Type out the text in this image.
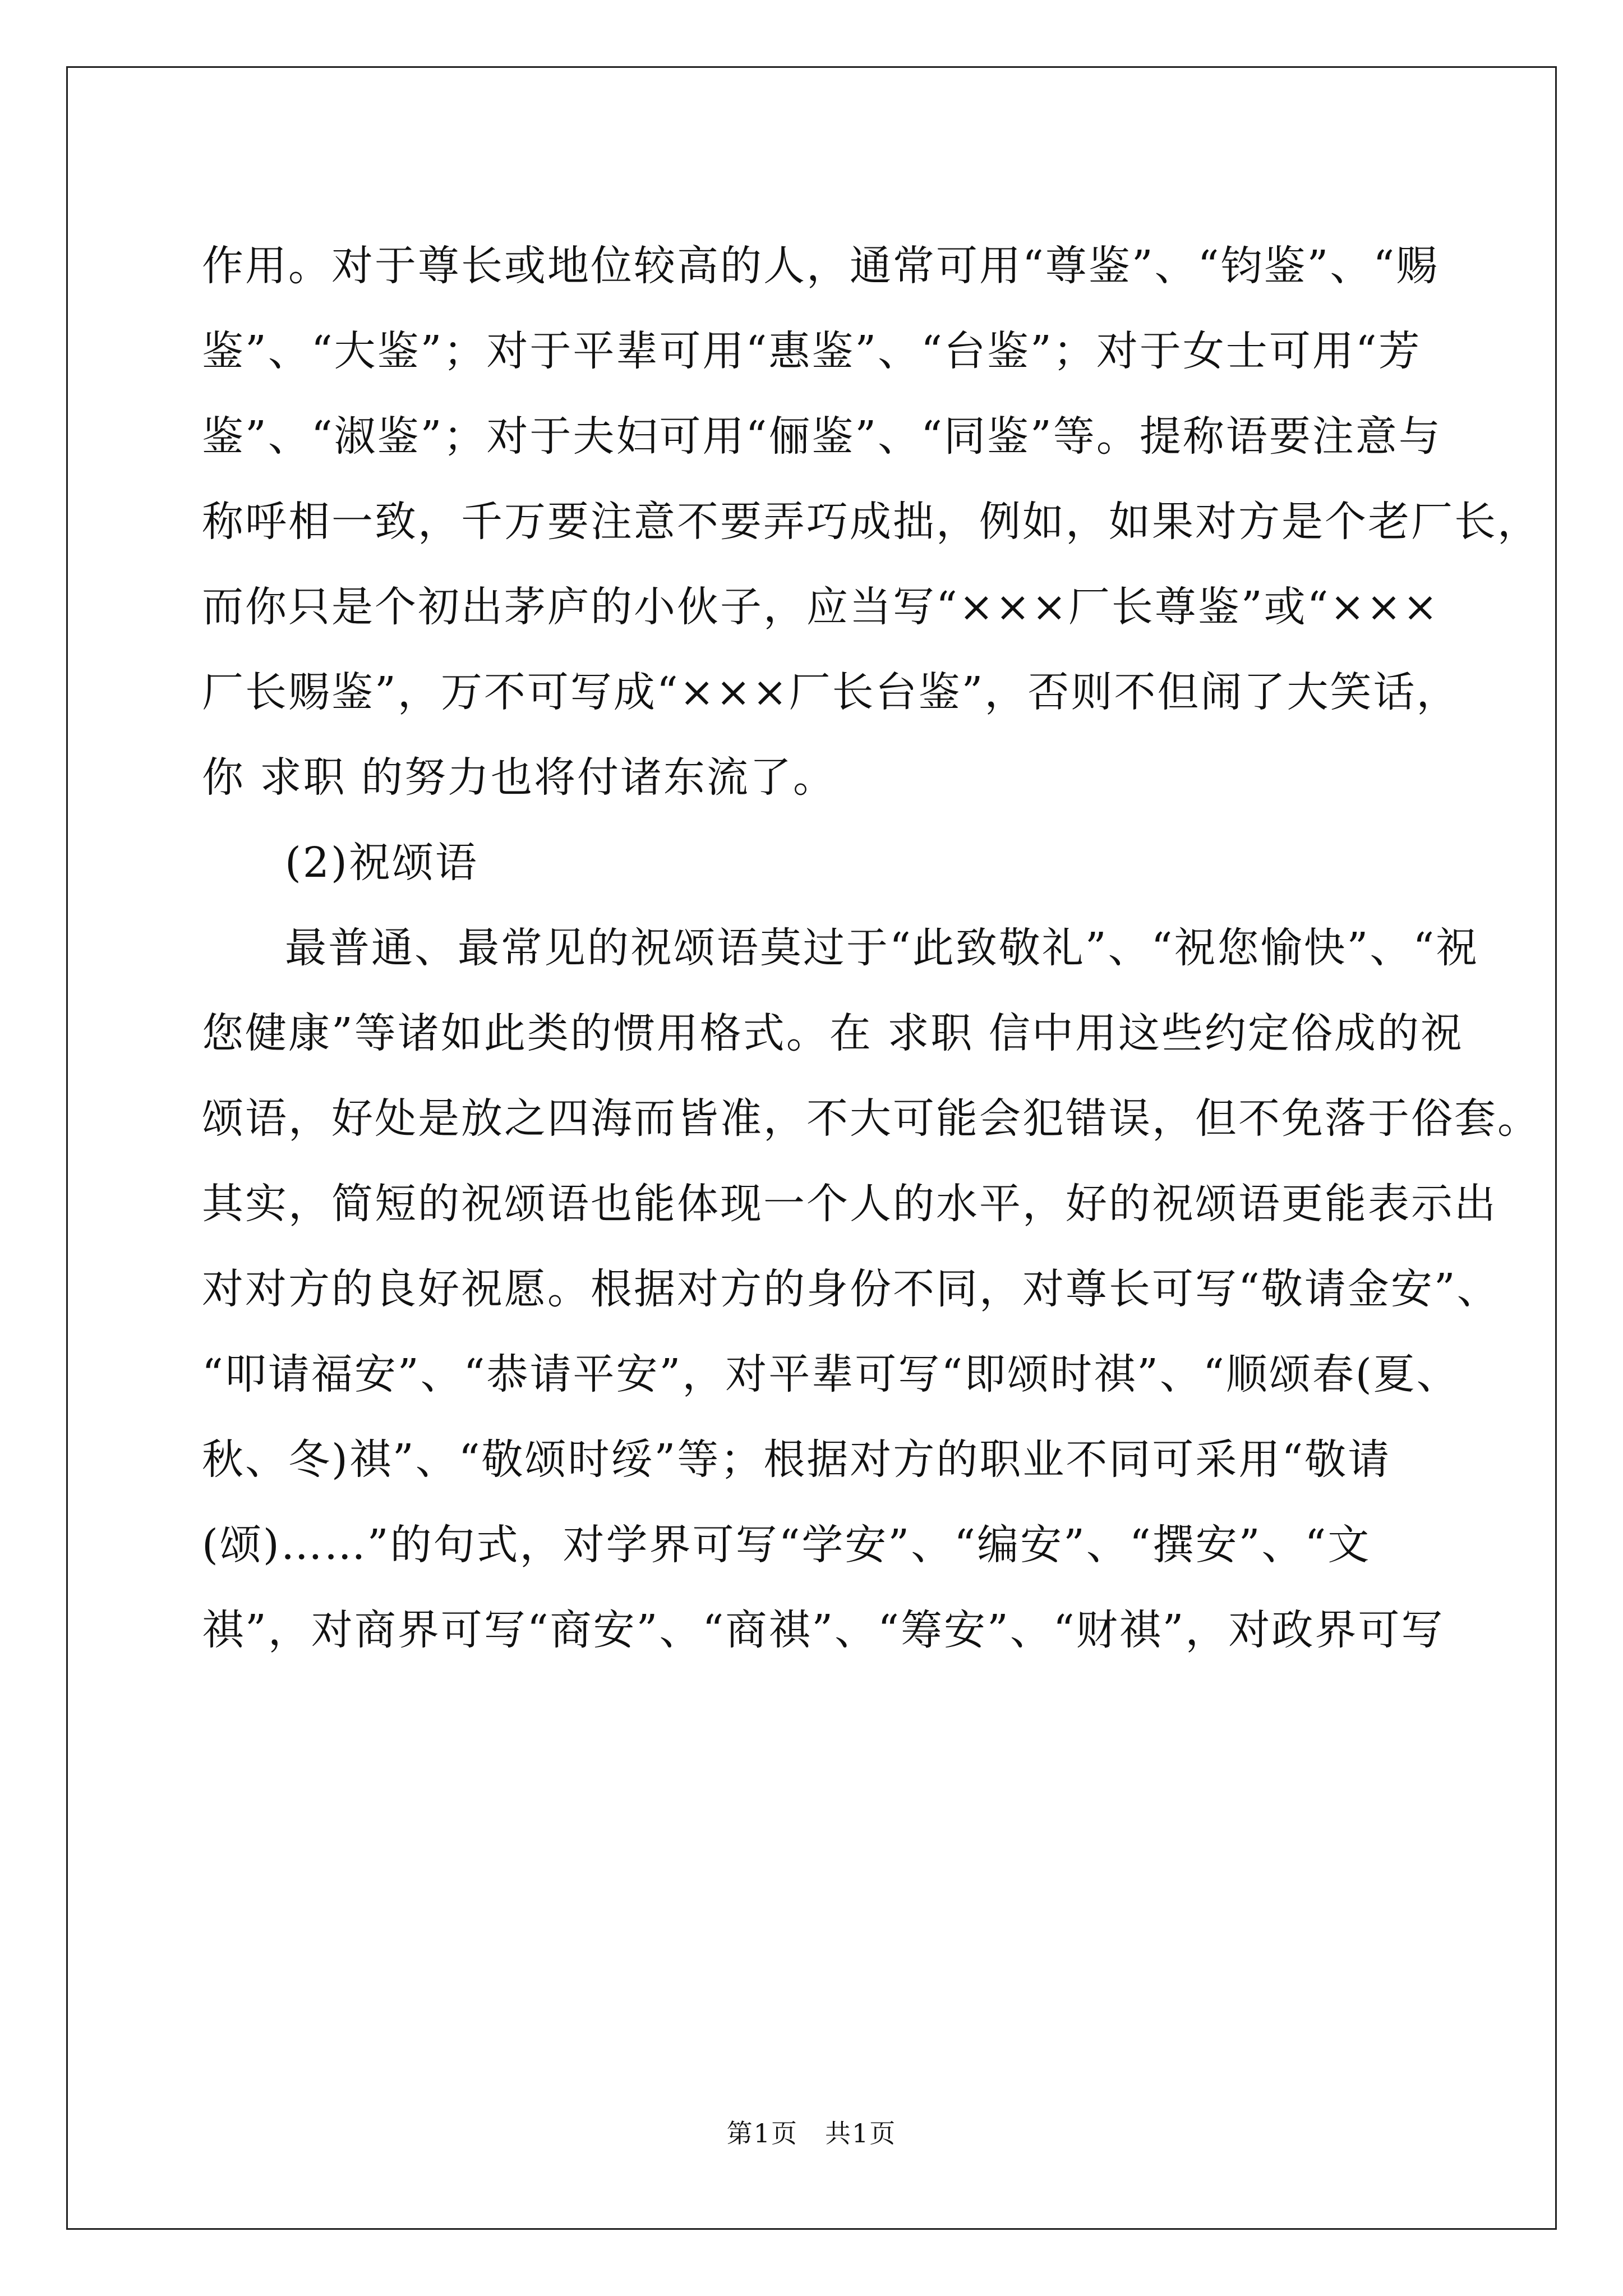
作用。对于尊长或地位较高的人，通常可用“尊鉴”、“钧鉴”、“赐
鉴”、“大鉴”；对于平辈可用“惠鉴”、“台鉴”；对于女士可用“芳
鉴”、“淑鉴”；对于夫妇可用“俪鉴”、“同鉴”等。提称语要注意与
称呼相一致，千万要注意不要弄巧成拙，例如，如果对方是个老厂长，
而你只是个初出茅庐的小伙子，应当写“×××厂长尊鉴”或“×××
厂长赐鉴”，万不可写成“×××厂长台鉴”，否则不但闹了大笑话，
你 求职 的努力也将付诸东流了。
(2)祝颂语
最普通、最常见的祝颂语莫过于“此致敬礼”、“祝您愉快”、“祝
您健康”等诸如此类的惯用格式。在 求职 信中用这些约定俗成的祝
颂语，好处是放之四海而皆准，不大可能会犯错误，但不免落于俗套。
其实，简短的祝颂语也能体现一个人的水平，好的祝颂语更能表示出
对对方的良好祝愿。根据对方的身份不同，对尊长可写“敬请金安”、
“叩请福安”、“恭请平安”，对平辈可写“即颂时祺”、“顺颂春(夏、
秋、冬)祺”、“敬颂时绥”等；根据对方的职业不同可采用“敬请
(颂)……”的句式，对学界可写“学安”、“编安”、“撰安”、“文
祺”，对商界可写“商安”、“商祺”、“筹安”、“财祺”，对政界可写
第1页　共1页
